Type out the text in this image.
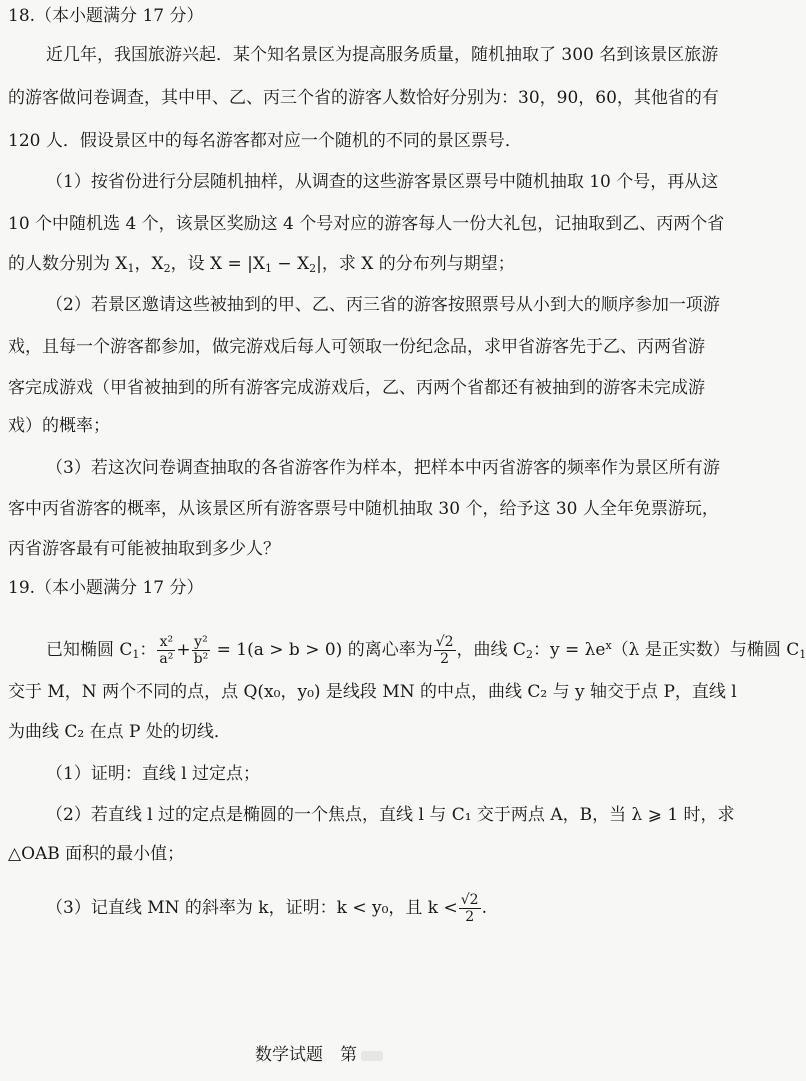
18.（本小题满分 17 分）
近几年，我国旅游兴起．某个知名景区为提高服务质量，随机抽取了 300 名到该景区旅游
的游客做问卷调查，其中甲、乙、丙三个省的游客人数恰好分别为：30，90，60，其他省的有
120 人．假设景区中的每名游客都对应一个随机的不同的景区票号．
（1）按省份进行分层随机抽样，从调查的这些游客景区票号中随机抽取 10 个号，再从这
10 个中随机选 4 个，该景区奖励这 4 个号对应的游客每人一份大礼包，记抽取到乙、丙两个省
的人数分别为 $X_1$，$X_2$，设 $X = |X_1 - X_2|$，求 X 的分布列与期望；
（2）若景区邀请这些被抽到的甲、乙、丙三省的游客按照票号从小到大的顺序参加一项游
戏，且每一个游客都参加，做完游戏后每人可领取一份纪念品，求甲省游客先于乙、丙两省游
客完成游戏（甲省被抽到的所有游客完成游戏后，乙、丙两个省都还有被抽到的游客未完成游
戏）的概率；
（3）若这次问卷调查抽取的各省游客作为样本，把样本中丙省游客的频率作为景区所有游
客中丙省游客的概率，从该景区所有游客票号中随机抽取 30 个，给予这 30 人全年免票游玩，
丙省游客最有可能被抽取到多少人？
19.（本小题满分 17 分）
已知椭圆 $C_1$： $\frac{\text{x²}}{\text{a²}} + \frac{\text{y²}}{\text{b²}} = 1(a > b > 0)$ 的离心率为 $\frac{√2}{2}$ ，曲线 $C_2$：$y = \lambda e^x(\lambda$ 是正实数）与椭圆 $C_1$
交于 M，N 两个不同的点，点 Q(x₀，y₀) 是线段 MN 的中点，曲线 C₂ 与 y 轴交于点 P，直线 l
为曲线 C₂ 在点 P 处的切线．
（1）证明：直线 l 过定点；
（2）若直线 l 过的定点是椭圆的一个焦点，直线 l 与 C₁ 交于两点 A，B，当 λ ⩾ 1 时，求
△OAB 面积的最小值；
（3）记直线 MN 的斜率为 k，证明：k < y₀，且 $k < \frac{√2}{2}$ .
数学试题　第
